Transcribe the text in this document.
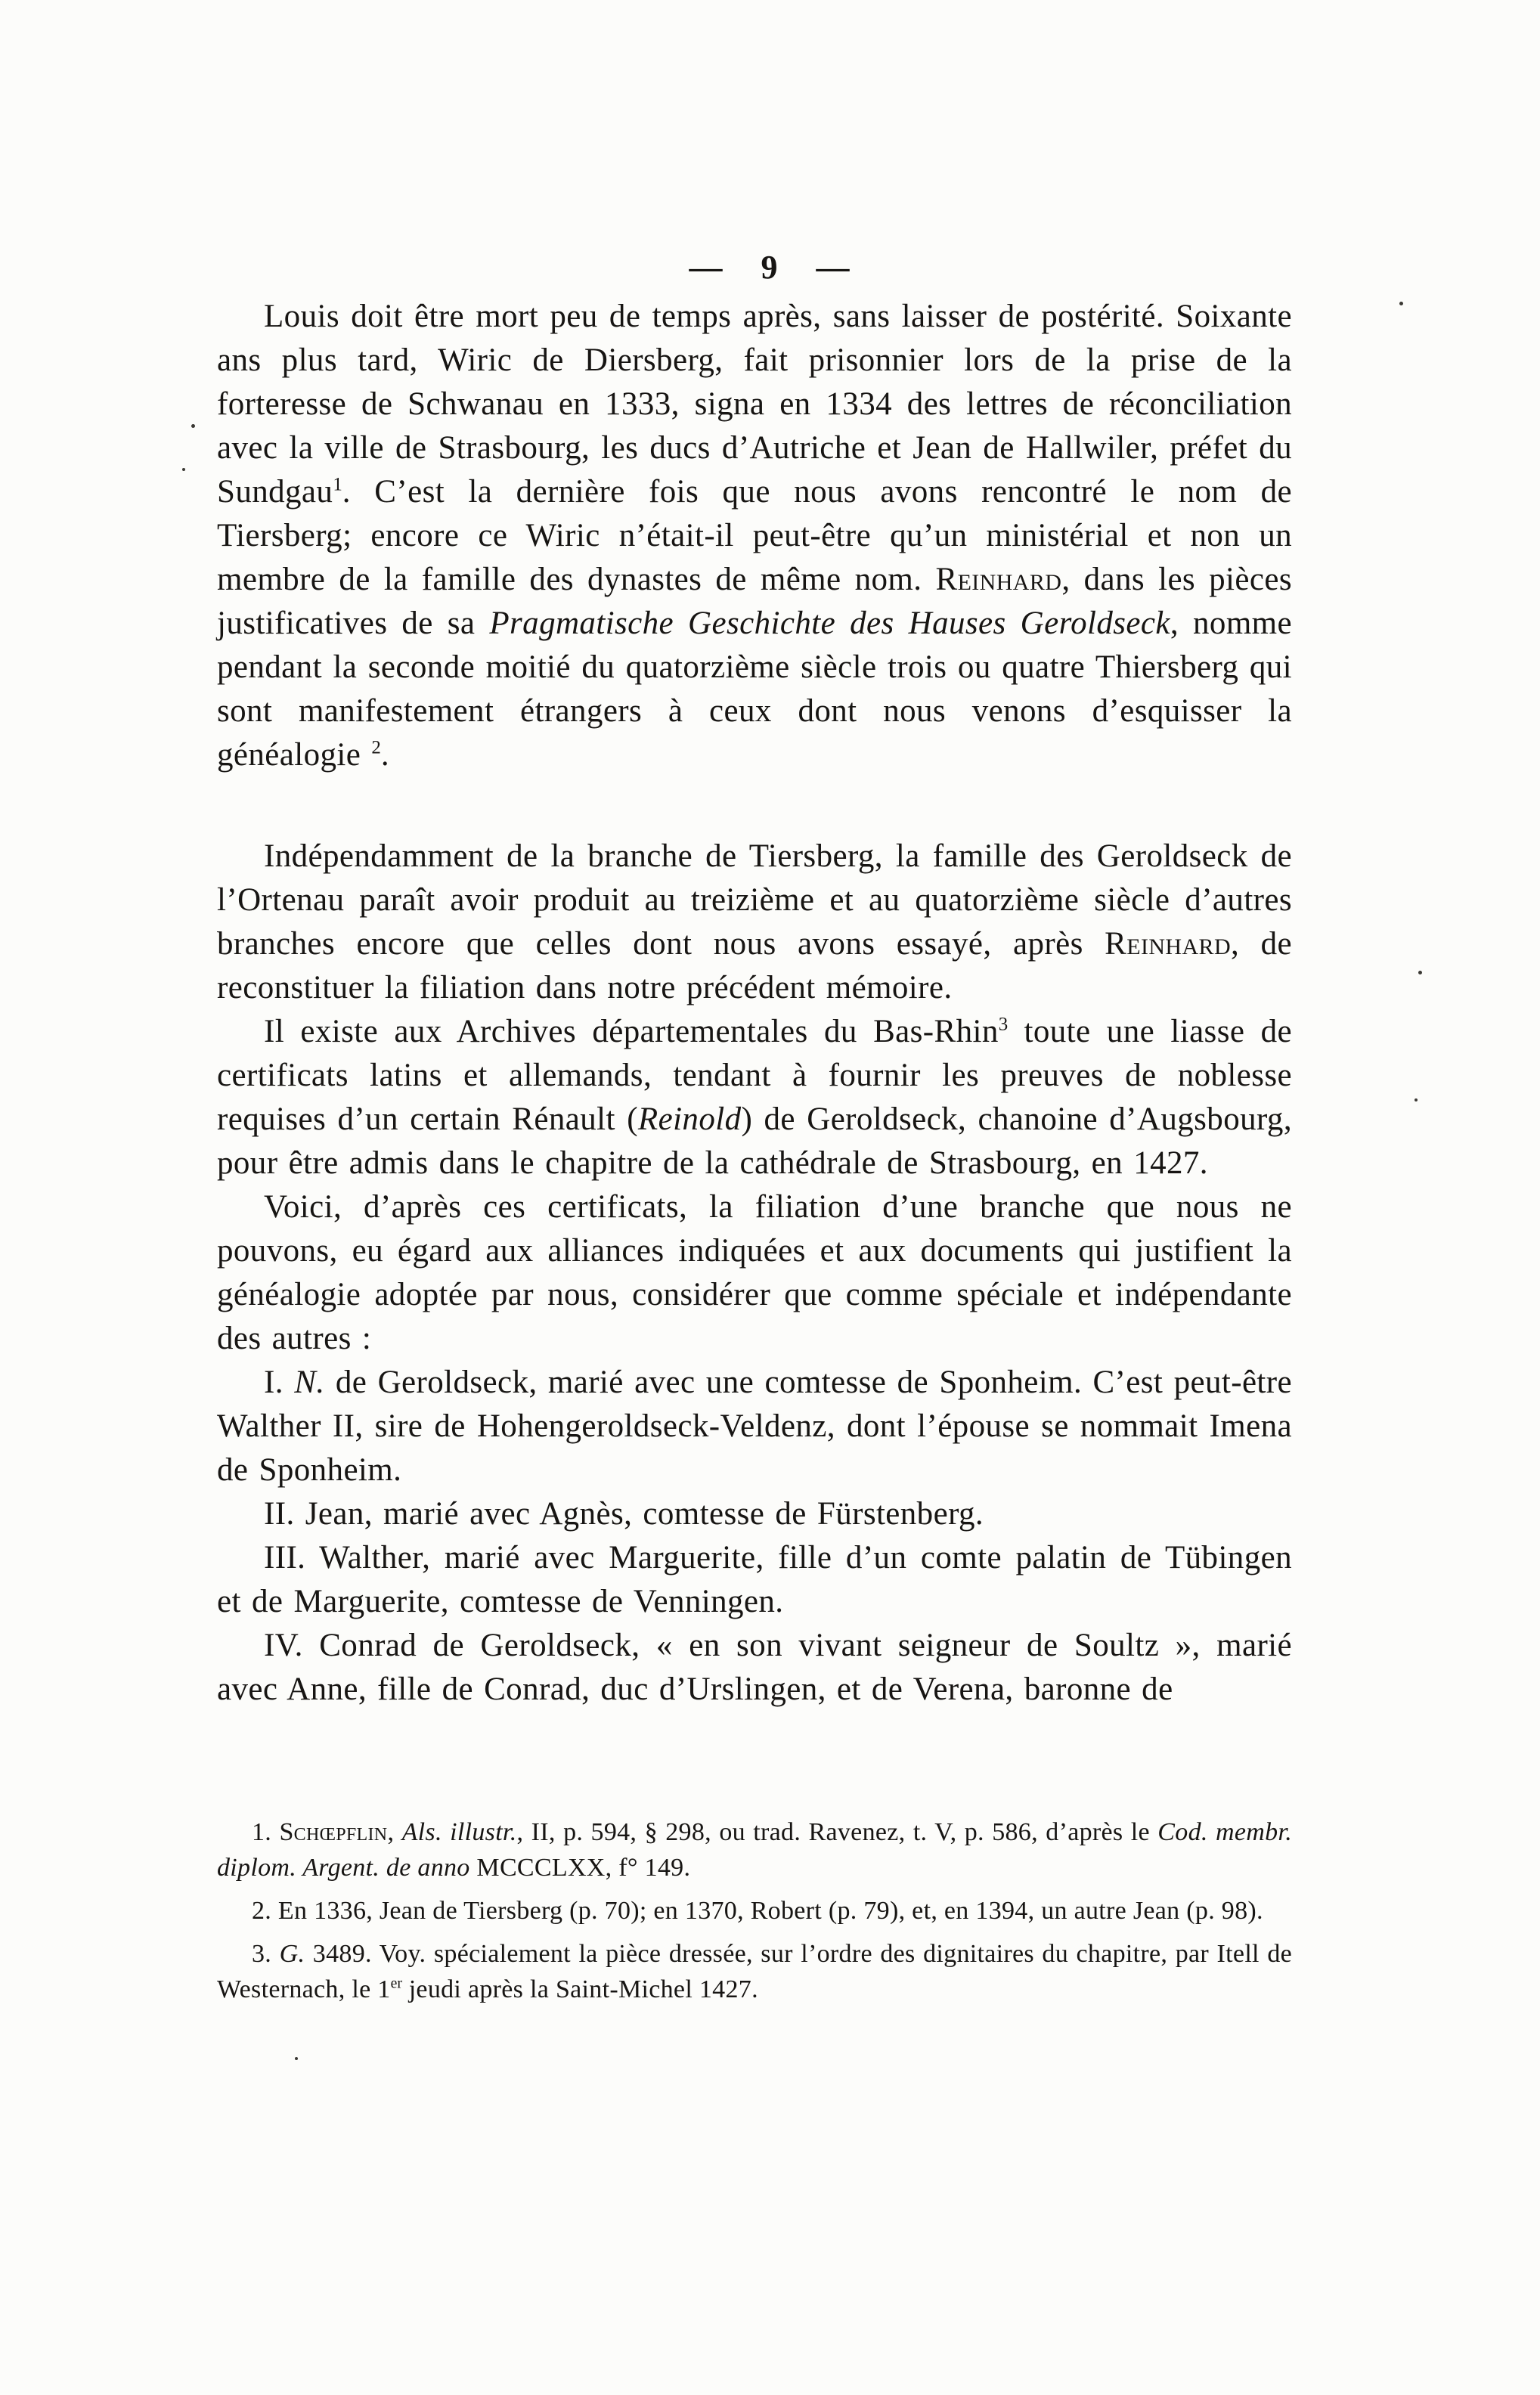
— 9 —

Louis doit être mort peu de temps après, sans laisser de postérité. Soixante ans plus tard, Wiric de Diersberg, fait prisonnier lors de la prise de la forteresse de Schwanau en 1333, signa en 1334 des lettres de réconciliation avec la ville de Strasbourg, les ducs d’Autriche et Jean de Hallwiler, préfet du Sundgau$^1$. C’est la dernière fois que nous avons rencontré le nom de Tiersberg; encore ce Wiric n’était-il peut-être qu’un ministérial et non un membre de la famille des dynastes de même nom. Reinhard, dans les pièces justificatives de sa Pragmatische Geschichte des Hauses Geroldseck, nomme pendant la seconde moitié du quatorzième siècle trois ou quatre Thiersberg qui sont manifestement étrangers à ceux dont nous venons d’esquisser la généalogie $^2$.

Indépendamment de la branche de Tiersberg, la famille des Geroldseck de l’Ortenau paraît avoir produit au treizième et au quatorzième siècle d’autres branches encore que celles dont nous avons essayé, après Reinhard, de reconstituer la filiation dans notre précédent mémoire.

Il existe aux Archives départementales du Bas-Rhin$^3$ toute une liasse de certificats latins et allemands, tendant à fournir les preuves de noblesse requises d’un certain Rénault (Reinold) de Geroldseck, chanoine d’Augsbourg, pour être admis dans le chapitre de la cathédrale de Strasbourg, en 1427.

Voici, d’après ces certificats, la filiation d’une branche que nous ne pouvons, eu égard aux alliances indiquées et aux documents qui justifient la généalogie adoptée par nous, considérer que comme spéciale et indépendante des autres :

I. N. de Geroldseck, marié avec une comtesse de Sponheim. C’est peut-être Walther II, sire de Hohengeroldseck-Veldenz, dont l’épouse se nommait Imena de Sponheim.

II. Jean, marié avec Agnès, comtesse de Fürstenberg.

III. Walther, marié avec Marguerite, fille d’un comte palatin de Tübingen et de Marguerite, comtesse de Venningen.

IV. Conrad de Geroldseck, « en son vivant seigneur de Soultz », marié avec Anne, fille de Conrad, duc d’Urslingen, et de Verena, baronne de

1. Schœpflin, Als. illustr., II, p. 594, § 298, ou trad. Ravenez, t. V, p. 586, d’après le Cod. membr. diplom. Argent. de anno MCCCLXX, f° 149.

2. En 1336, Jean de Tiersberg (p. 70); en 1370, Robert (p. 79), et, en 1394, un autre Jean (p. 98).

3. G. 3489. Voy. spécialement la pièce dressée, sur l’ordre des dignitaires du chapitre, par Itell de Westernach, le 1er jeudi après la Saint-Michel 1427.
